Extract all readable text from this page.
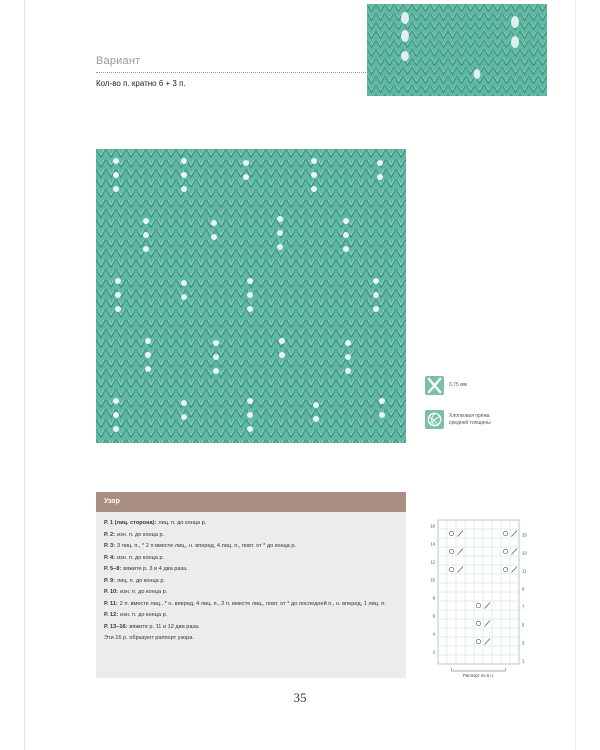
Вариант
Кол-во п. кратно 6 + 3 п.
3,75 мм
Хлопковая пряжа
средней толщины
Узор
Р. 1 (лиц. сторона): лиц. п. до конца р.
Р. 2: изн. п. до конца р.
Р. 3: 3 лиц. п., * 2 п вместе лиц., н. вперед, 4 лиц. п., повт. от * до конца р.
Р. 4: изн. п. до конца р.
Р. 5–8: вяжите р. 3 и 4 два раза.
Р. 9: лиц. п. до конца р.
Р. 10: изн. п. до конца р.
Р. 11: 2 п. вместе лиц., * н. вперед, 4 лиц. п., 2 п. вместе лиц., повт. от * до последней п., н. вперед, 1 лиц. п.
Р. 12: изн. п. до конца р.
Р. 13–16: вяжите р. 11 и 12 два раза.
Эти 16 р. образуют раппорт узора.
16
14
12
10
8
6
4
2
15
13
11
9
7
5
3
1
Раппорт из 6 п.
35
